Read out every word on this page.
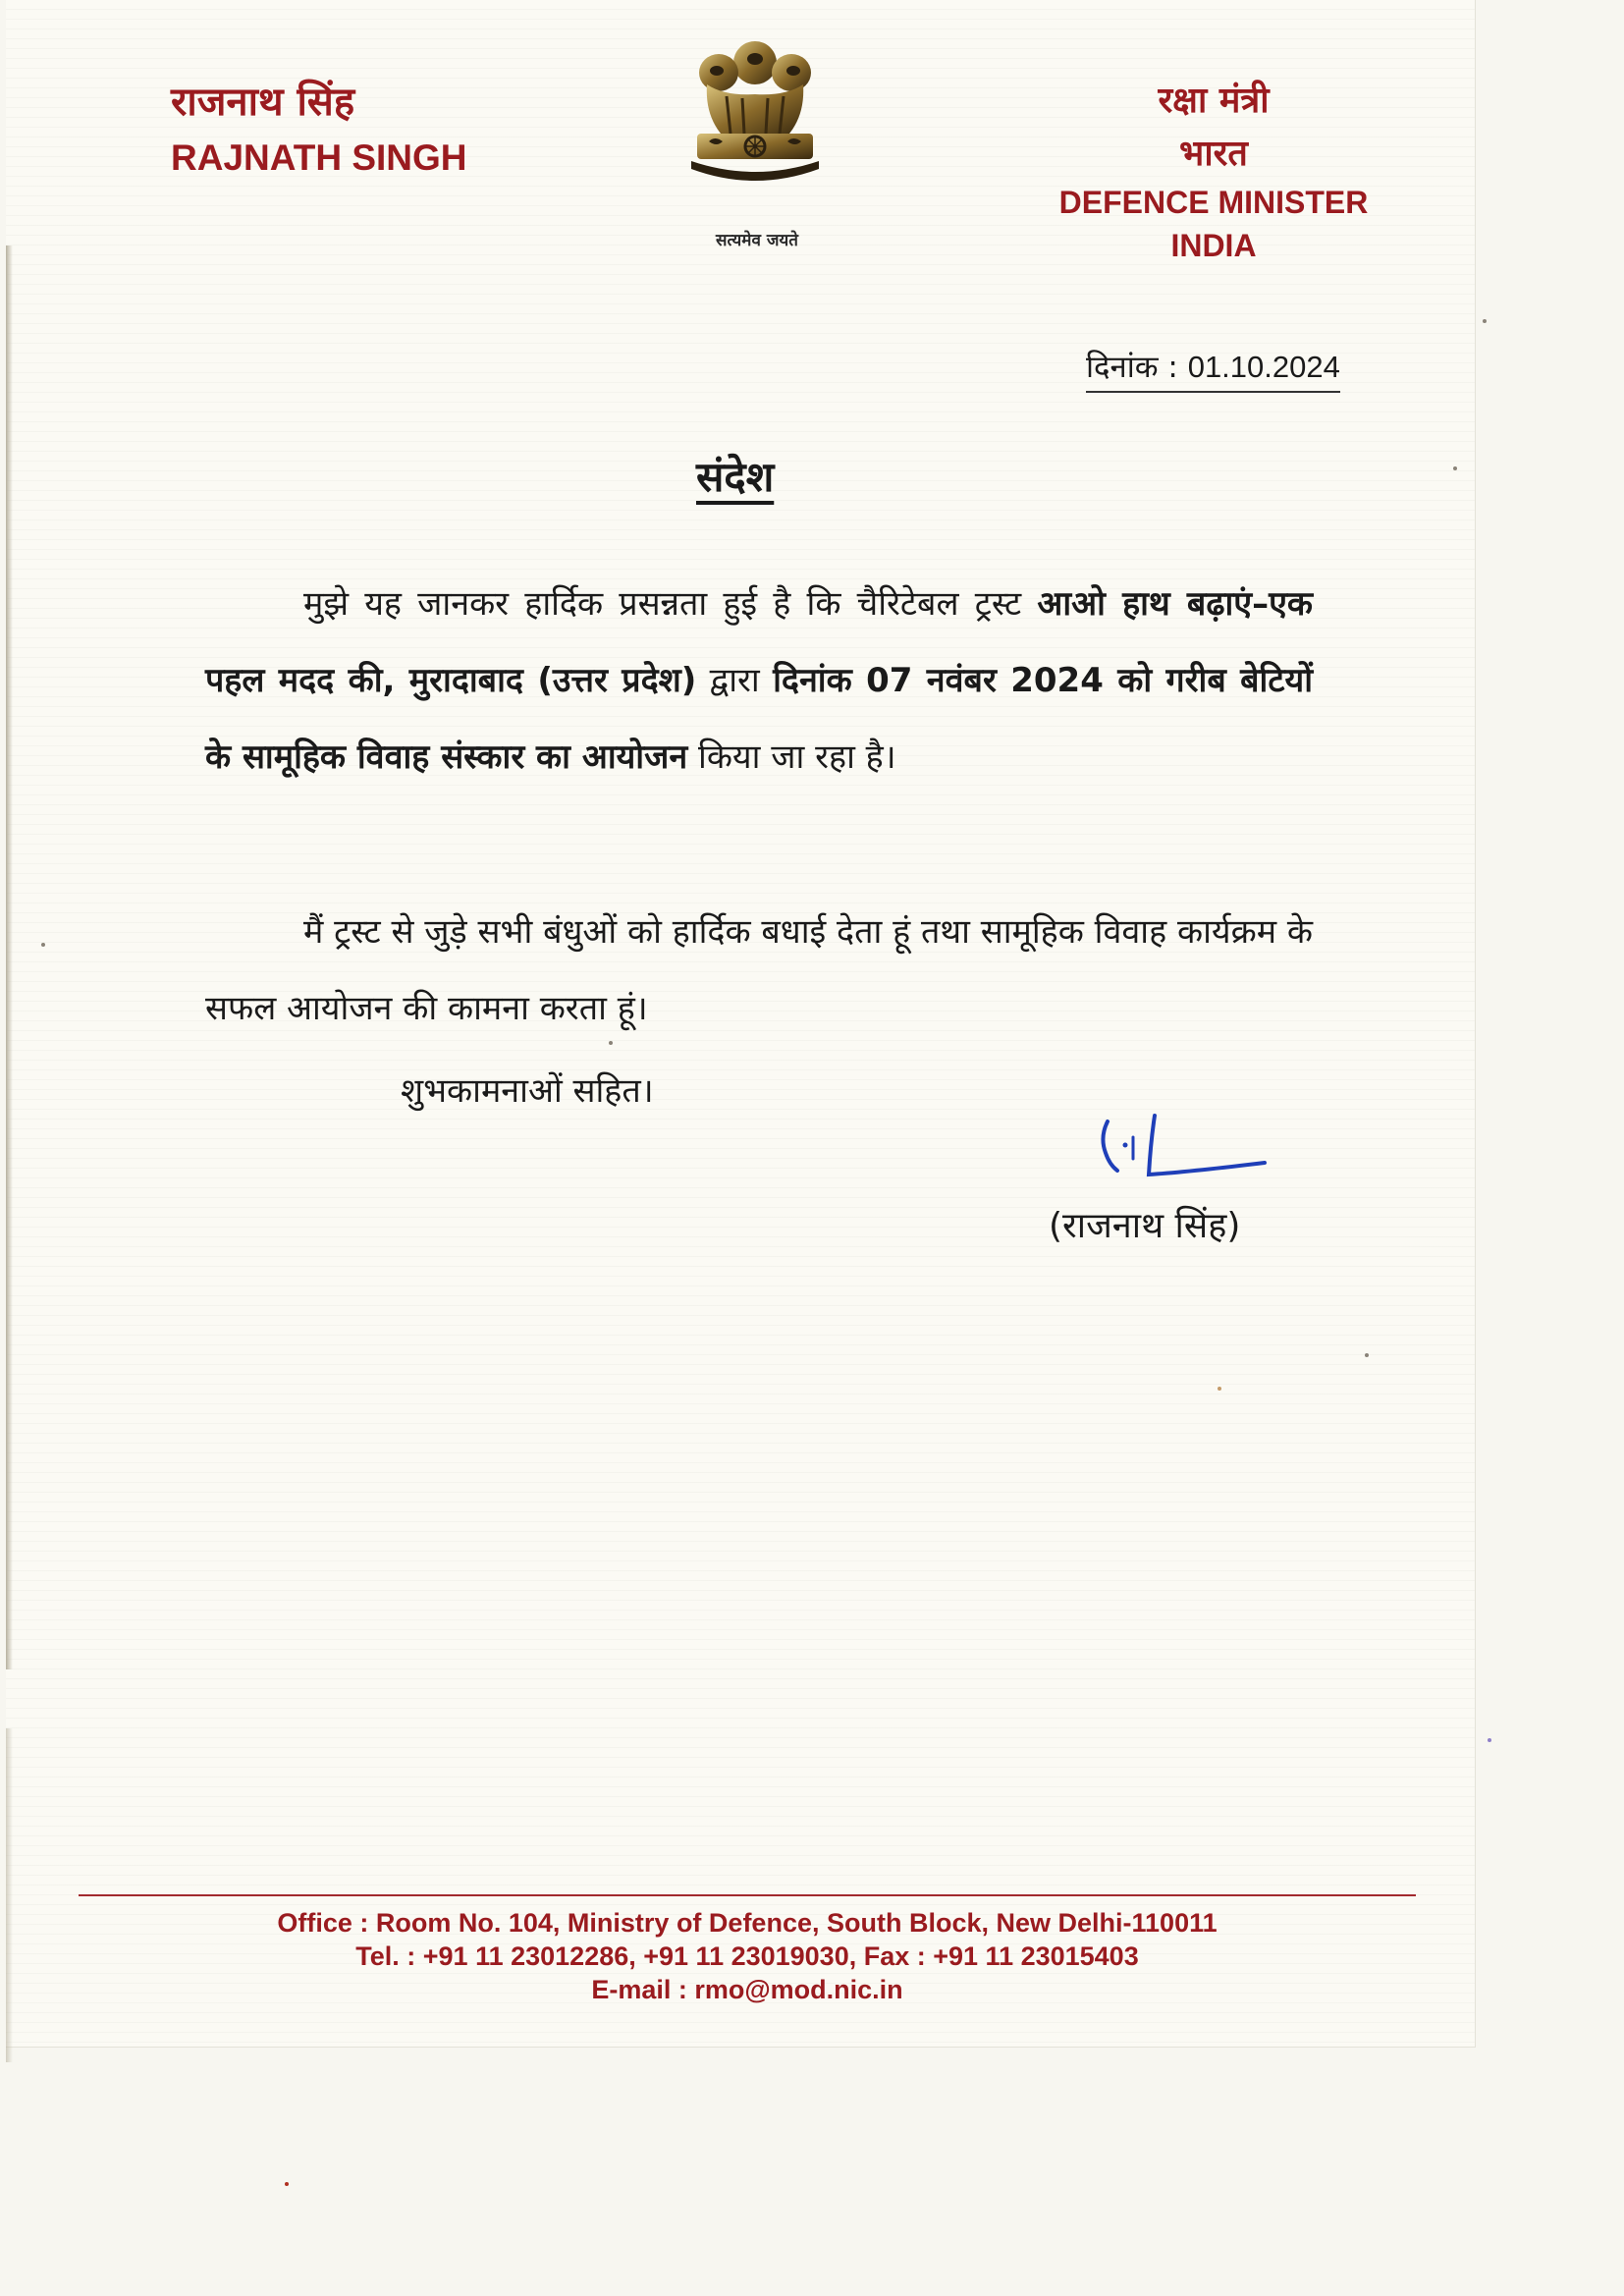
राजनाथ सिंह
RAJNATH SINGH
सत्यमेव जयते
रक्षा मंत्री
भारत
DEFENCE MINISTER
INDIA
दिनांक : 01.10.2024
संदेश
मुझे यह जानकर हार्दिक प्रसन्नता हुई है कि चैरिटेबल ट्रस्ट आओ हाथ बढ़ाएं–एक पहल मदद की, मुरादाबाद (उत्तर प्रदेश) द्वारा दिनांक 07 नवंबर 2024 को गरीब बेटियों के सामूहिक विवाह संस्कार का आयोजन किया जा रहा है।
मैं ट्रस्ट से जुड़े सभी बंधुओं को हार्दिक बधाई देता हूं तथा सामूहिक विवाह कार्यक्रम के सफल आयोजन की कामना करता हूं।
शुभकामनाओं सहित।
(राजनाथ सिंह)
Office : Room No. 104, Ministry of Defence, South Block, New Delhi-110011
Tel. : +91 11 23012286, +91 11 23019030, Fax : +91 11 23015403
E-mail : rmo@mod.nic.in
